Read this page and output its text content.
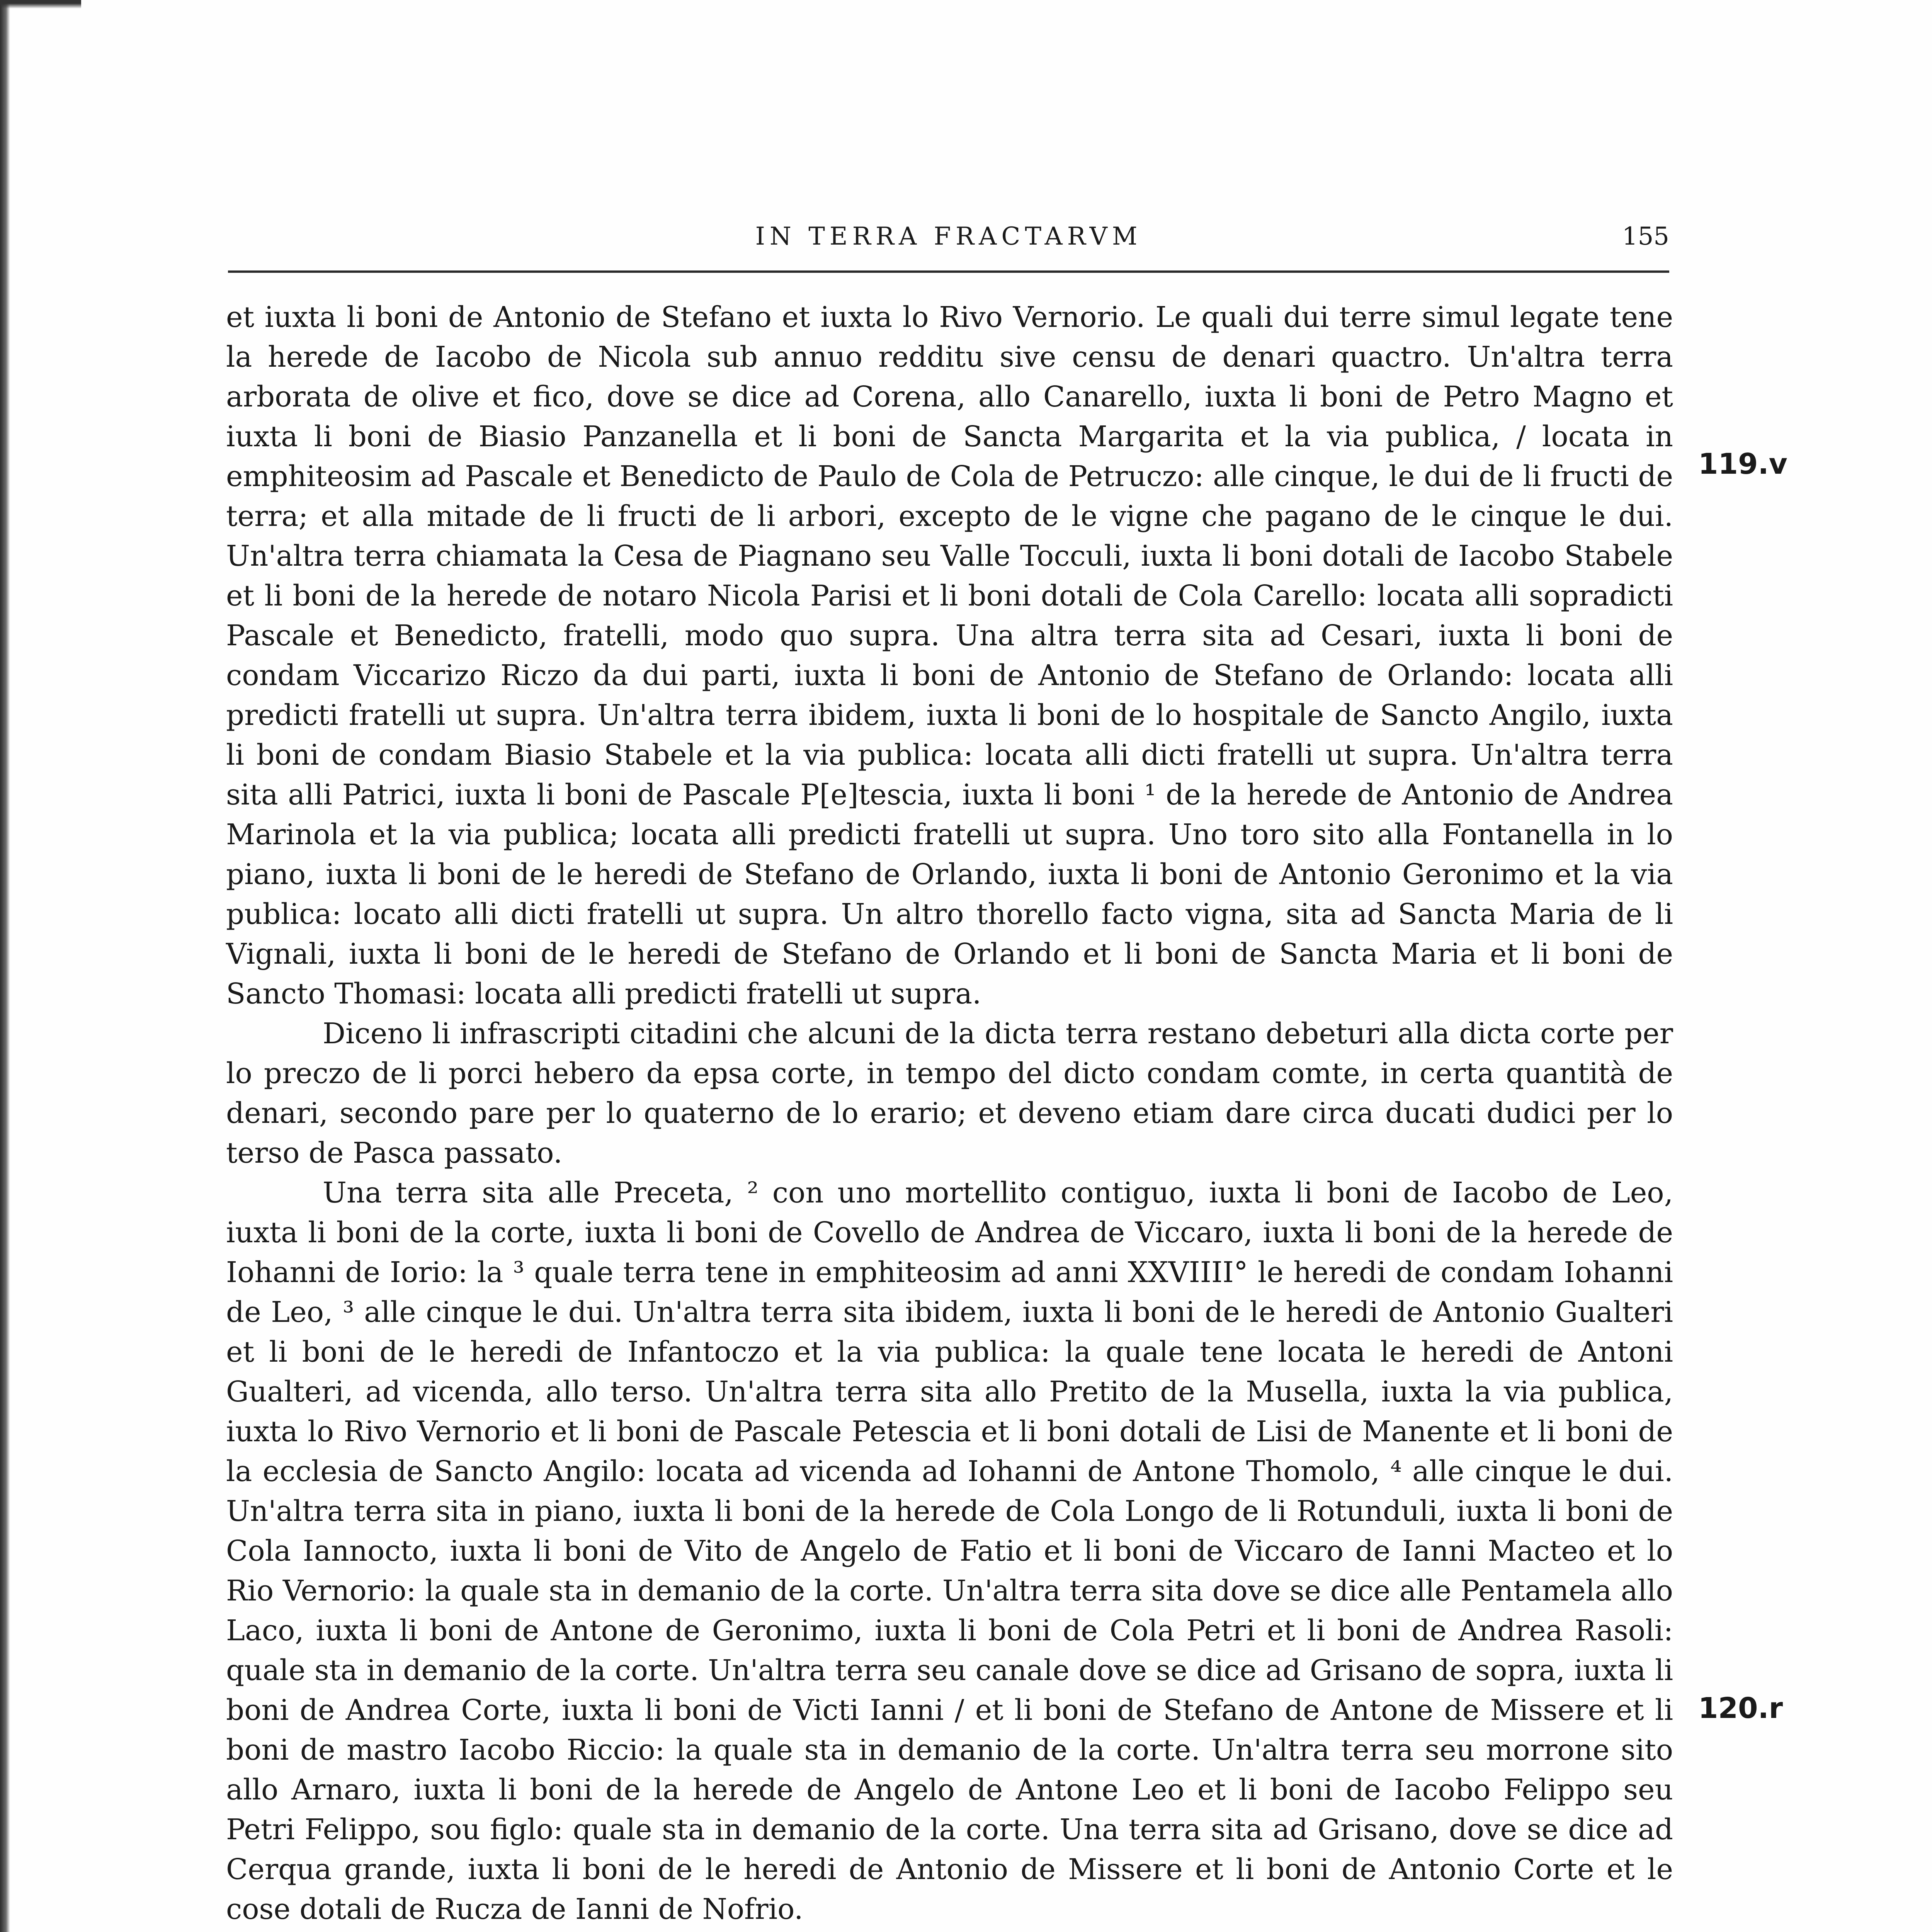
IN TERRA FRACTARVM	155

et iuxta li boni de Antonio de Stefano et iuxta lo Rivo Vernorio. Le quali dui terre simul legate tene la herede de Iacobo de Nicola sub annuo redditu sive censu de denari quactro. Un'altra terra arborata de olive et fico, dove se dice ad Corena, allo Canarello, iuxta li boni de Petro Magno et iuxta li boni de Biasio Panzanella et li boni de Sancta Margarita et la via publica, / locata in emphiteosim ad Pascale et Benedicto de Paulo de Cola de Petruczo: alle cinque, le dui de li fructi de terra; et alla mitade de li fructi de li arbori, excepto de le vigne che pagano de le cinque le dui. Un'altra terra chiamata la Cesa de Piagnano seu Valle Tocculi, iuxta li boni dotali de Iacobo Stabele et li boni de la herede de notaro Nicola Parisi et li boni dotali de Cola Carello: locata alli sopradicti Pascale et Benedicto, fratelli, modo quo supra. Una altra terra sita ad Cesari, iuxta li boni de condam Viccarizo Riczo da dui parti, iuxta li boni de Antonio de Stefano de Orlando: locata alli predicti fratelli ut supra. Un'altra terra ibidem, iuxta li boni de lo hospitale de Sancto Angilo, iuxta li boni de condam Biasio Stabele et la via publica: locata alli dicti fratelli ut supra. Un'altra terra sita alli Patrici, iuxta li boni de Pascale P[e]tescia, iuxta li boni ¹ de la herede de Antonio de Andrea Marinola et la via publica; locata alli predicti fratelli ut supra. Uno toro sito alla Fontanella in lo piano, iuxta li boni de le heredi de Stefano de Orlando, iuxta li boni de Antonio Geronimo et la via publica: locato alli dicti fratelli ut supra. Un altro thorello facto vigna, sita ad Sancta Maria de li Vignali, iuxta li boni de le heredi de Stefano de Orlando et li boni de Sancta Maria et li boni de Sancto Thomasi: locata alli predicti fratelli ut supra.

Diceno li infrascripti citadini che alcuni de la dicta terra restano debeturi alla dicta corte per lo preczo de li porci hebero da epsa corte, in tempo del dicto condam comte, in certa quantità de denari, secondo pare per lo quaterno de lo erario; et deveno etiam dare circa ducati dudici per lo terso de Pasca passato.

Una terra sita alle Preceta, ² con uno mortellito contiguo, iuxta li boni de Iacobo de Leo, iuxta li boni de la corte, iuxta li boni de Covello de Andrea de Viccaro, iuxta li boni de la herede de Iohanni de Iorio: la ³ quale terra tene in emphiteosim ad anni XXVIIII° le heredi de condam Iohanni de Leo, ³ alle cinque le dui. Un'altra terra sita ibidem, iuxta li boni de le heredi de Antonio Gualteri et li boni de le heredi de Infantoczo et la via publica: la quale tene locata le heredi de Antoni Gualteri, ad vicenda, allo terso. Un'altra terra sita allo Pretito de la Musella, iuxta la via publica, iuxta lo Rivo Vernorio et li boni de Pascale Petescia et li boni dotali de Lisi de Manente et li boni de la ecclesia de Sancto Angilo: locata ad vicenda ad Iohanni de Antone Thomolo, ⁴ alle cinque le dui. Un'altra terra sita in piano, iuxta li boni de la herede de Cola Longo de li Rotunduli, iuxta li boni de Cola Iannocto, iuxta li boni de Vito de Angelo de Fatio et li boni de Viccaro de Ianni Macteo et lo Rio Vernorio: la quale sta in demanio de la corte. Un'altra terra sita dove se dice alle Pentamela allo Laco, iuxta li boni de Antone de Geronimo, iuxta li boni de Cola Petri et li boni de Andrea Rasoli: quale sta in demanio de la corte. Un'altra terra seu canale dove se dice ad Grisano de sopra, iuxta li boni de Andrea Corte, iuxta li boni de Victi Ianni / et li boni de Stefano de Antone de Missere et li boni de mastro Iacobo Riccio: la quale sta in demanio de la corte. Un'altra terra seu morrone sito allo Arnaro, iuxta li boni de la herede de Angelo de Antone Leo et li boni de Iacobo Felippo seu Petri Felippo, sou figlo: quale sta in demanio de la corte. Una terra sita ad Grisano, dove se dice ad Cerqua grande, iuxta li boni de le heredi de Antonio de Missere et li boni de Antonio Corte et le cose dotali de Rucza de Ianni de Nofrio.

119.v
120.r
